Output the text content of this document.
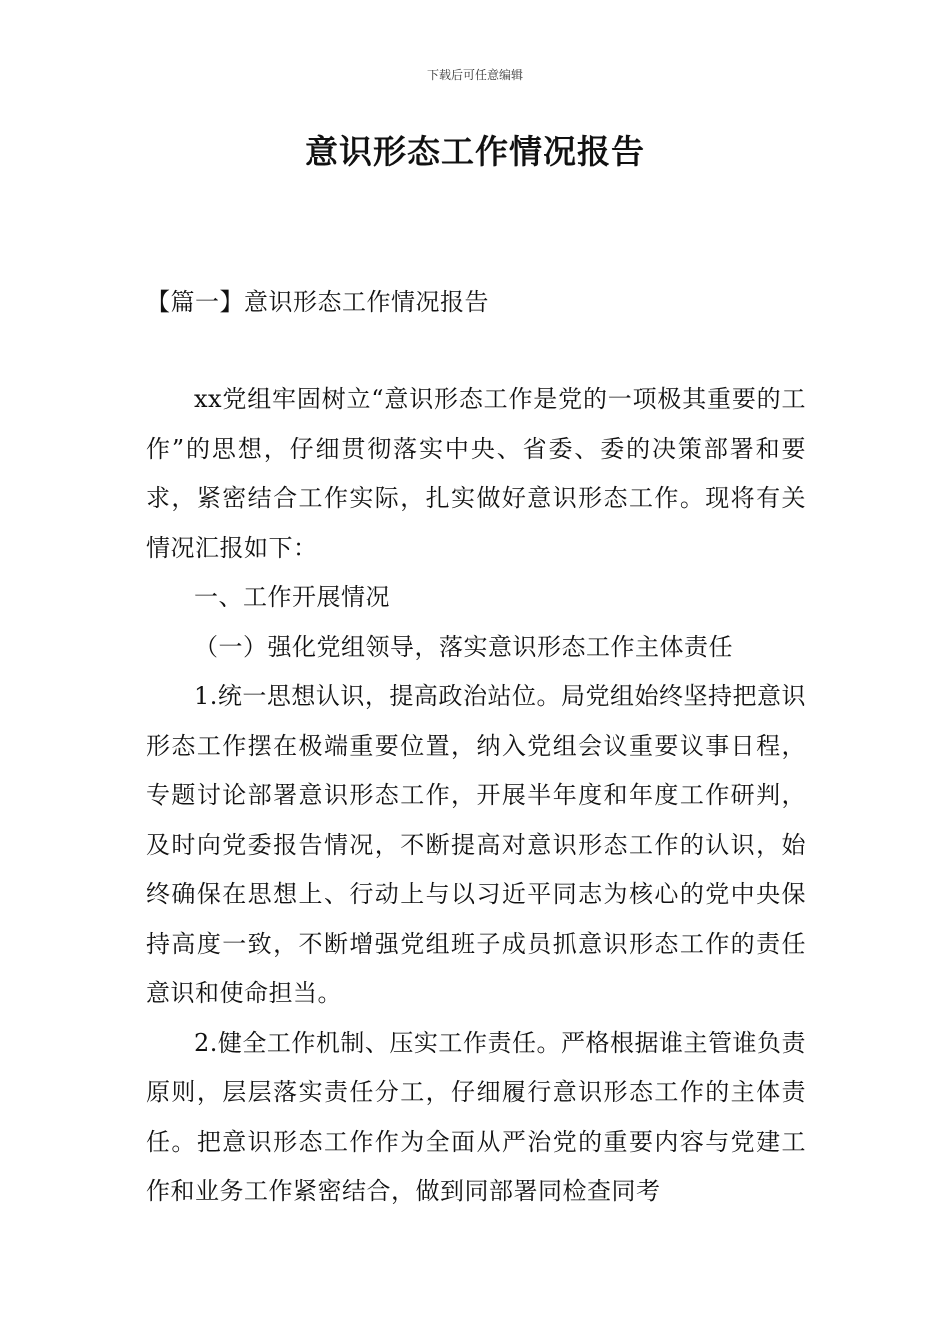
下载后可任意编辑
意识形态工作情况报告
【篇一】意识形态工作情况报告

xx党组牢固树立“意识形态工作是党的一项极其重要的工作”的思想，仔细贯彻落实中央、省委、委的决策部署和要求，紧密结合工作实际，扎实做好意识形态工作。现将有关情况汇报如下：

一、工作开展情况

（一）强化党组领导，落实意识形态工作主体责任

1.统一思想认识，提高政治站位。局党组始终坚持把意识形态工作摆在极端重要位置，纳入党组会议重要议事日程，专题讨论部署意识形态工作，开展半年度和年度工作研判，及时向党委报告情况，不断提高对意识形态工作的认识，始终确保在思想上、行动上与以习近平同志为核心的党中央保持高度一致，不断增强党组班子成员抓意识形态工作的责任意识和使命担当。

2.健全工作机制、压实工作责任。严格根据谁主管谁负责原则，层层落实责任分工，仔细履行意识形态工作的主体责任。把意识形态工作作为全面从严治党的重要内容与党建工作和业务工作紧密结合，做到同部署同检查同考
